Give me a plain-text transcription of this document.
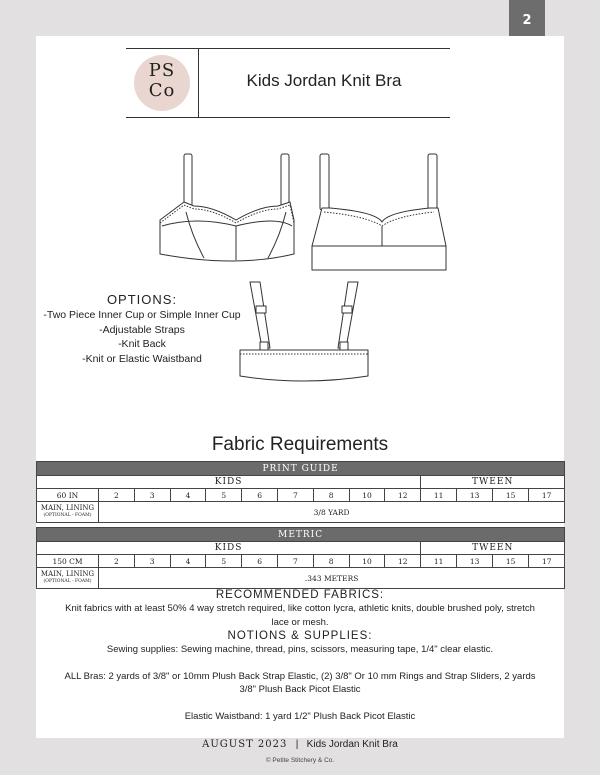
2
PS
Co	Kids Jordan Knit Bra
OPTIONS:
-Two Piece Inner Cup or Simple Inner Cup
-Adjustable Straps
-Knit Back
-Knit or Elastic Waistband
Fabric Requirements
PRINT GUIDE													
KIDS										TWEEN			
60 IN	2	3	4	5	6	7	8	10	12	11	13	15	17
MAIN, LINING
(OPTIONAL - FOAM)	3/8 YARD												
METRIC													
KIDS										TWEEN			
150 CM	2	3	4	5	6	7	8	10	12	11	13	15	17
MAIN, LINING
(OPTIONAL - FOAM)	.343 METERS												
RECOMMENDED FABRICS:
Knit fabrics with at least 50% 4 way stretch required, like cotton lycra, athletic knits, double brushed poly, stretch lace or mesh.
NOTIONS & SUPPLIES:
Sewing supplies: Sewing machine, thread, pins, scissors, measuring tape, 1/4" clear elastic.
ALL Bras: 2 yards of 3/8" or 10mm Plush Back Strap Elastic, (2) 3/8" Or 10 mm Rings and Strap Sliders, 2 yards 3/8" Plush Back Picot Elastic
Elastic Waistband: 1 yard 1/2" Plush Back Picot Elastic
AUGUST 2023 | Kids Jordan Knit Bra
© Petite Stitchery & Co.
